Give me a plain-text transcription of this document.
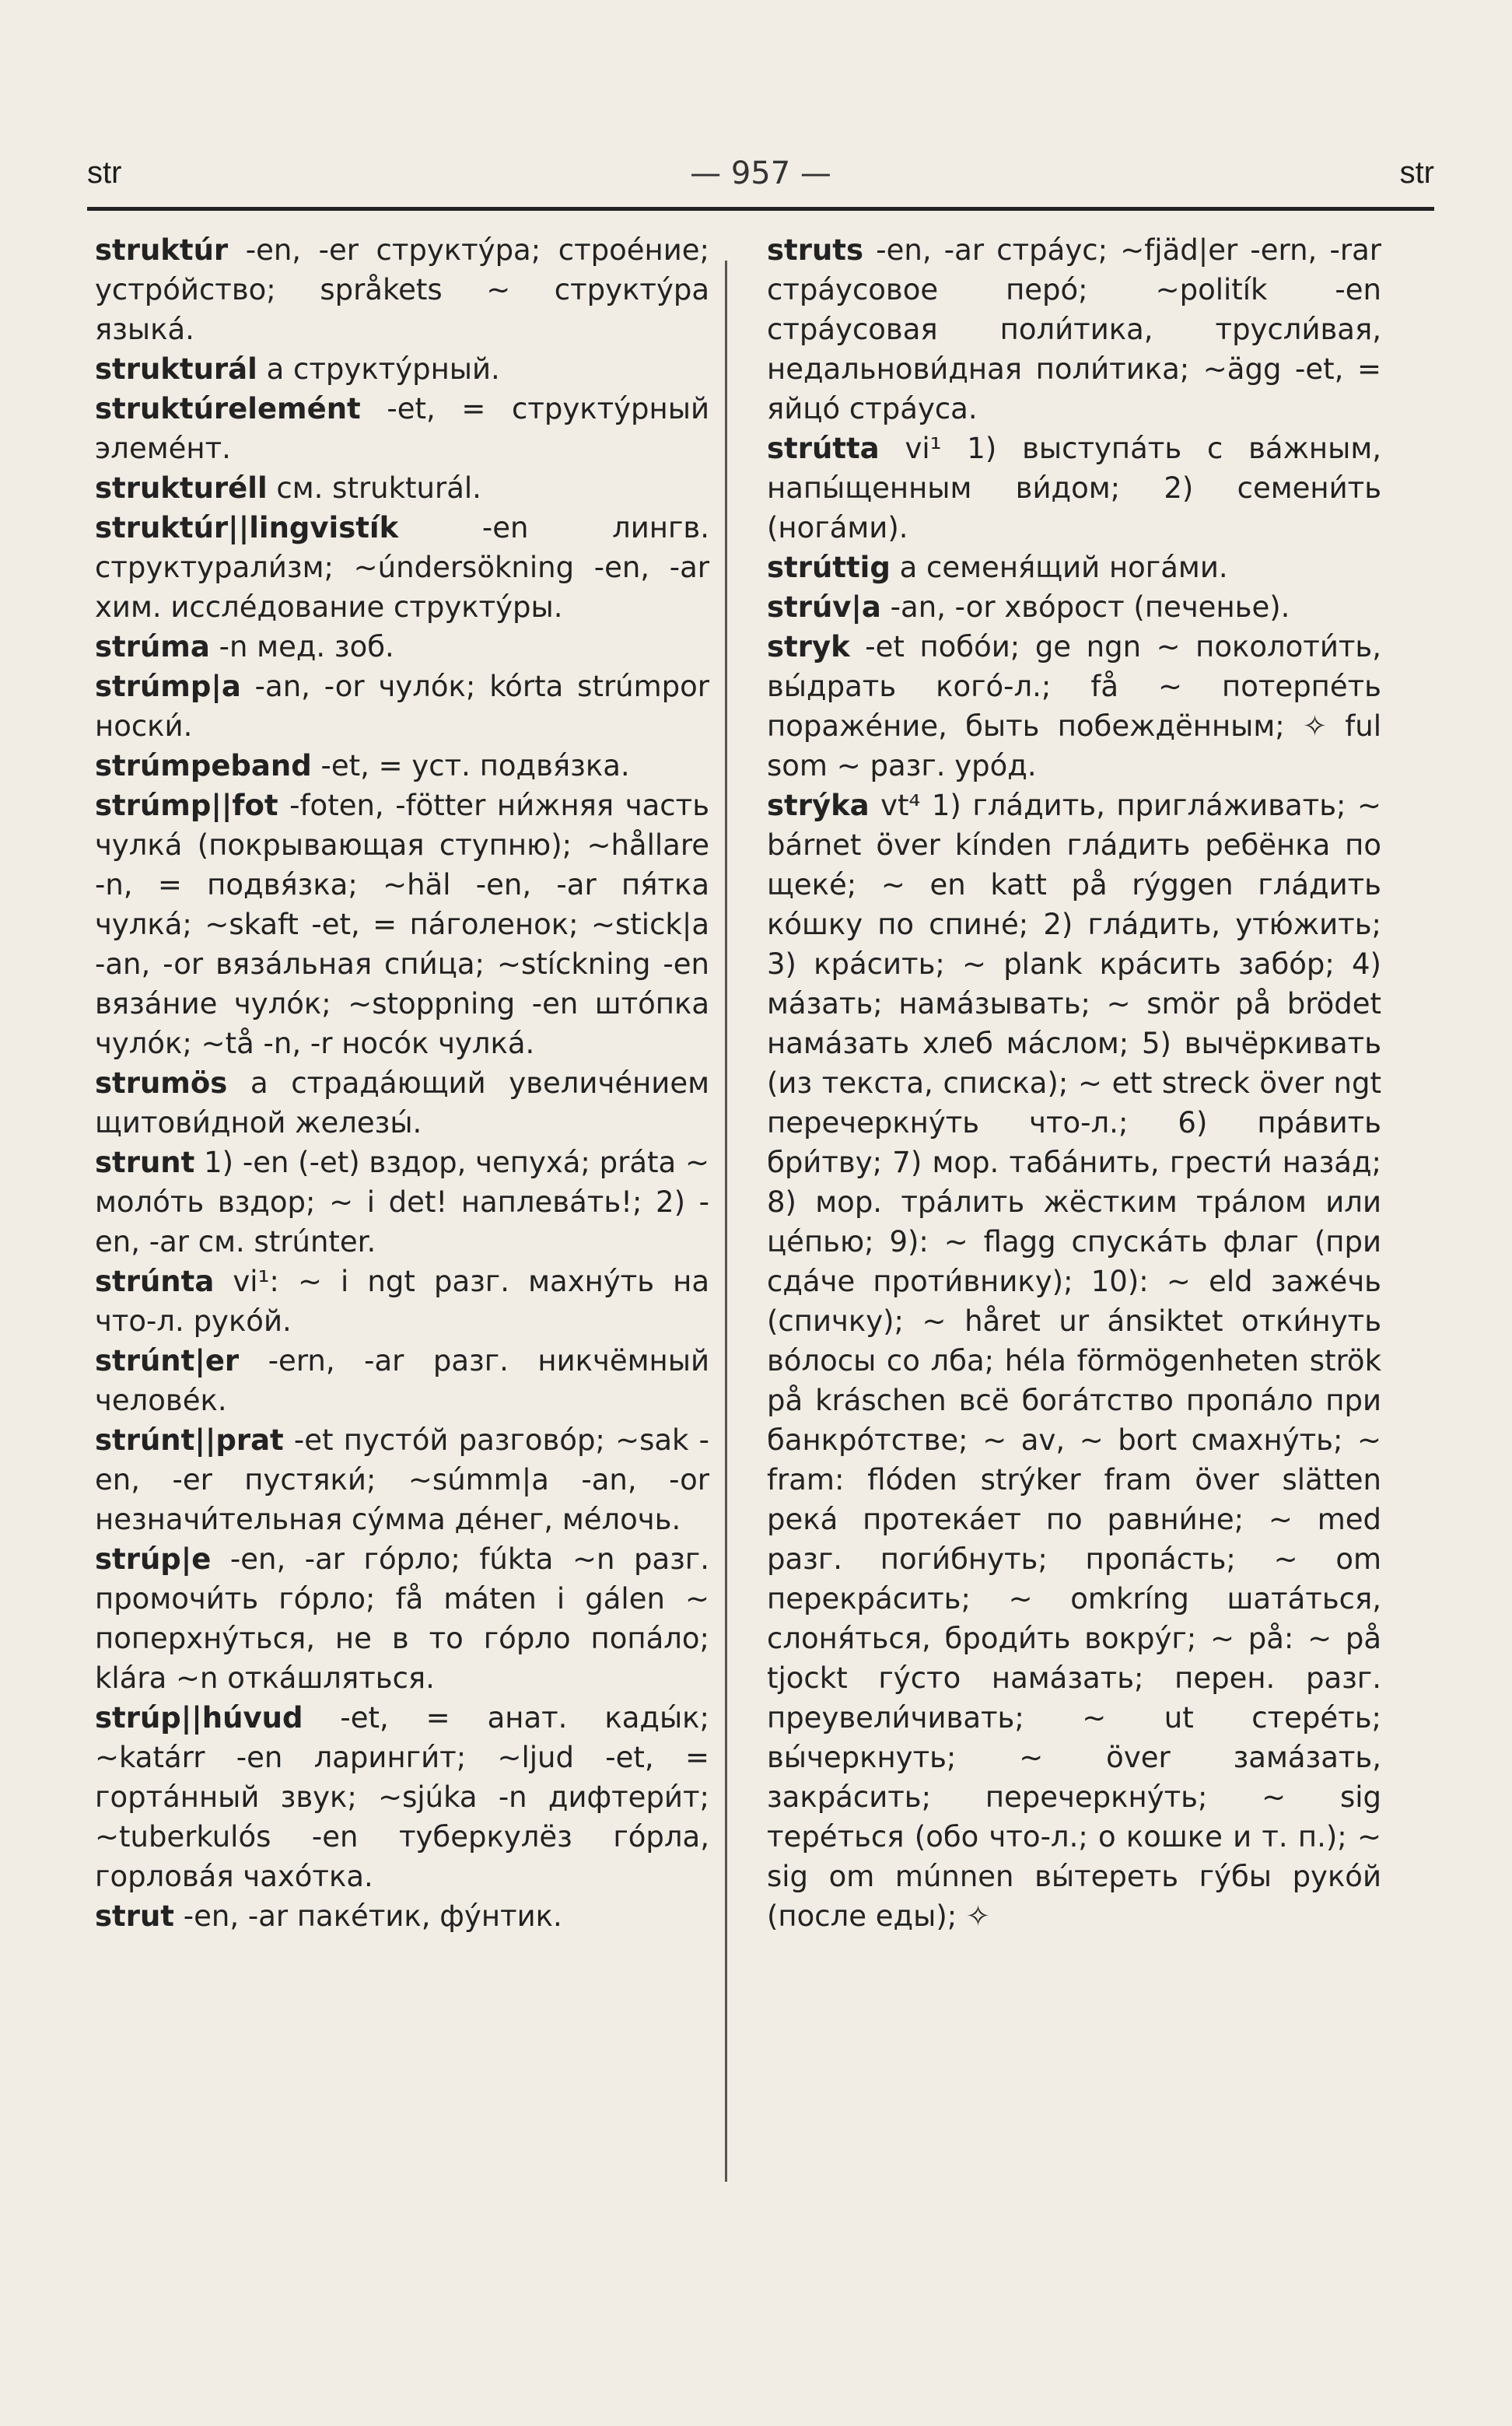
str	— 957 —	str

struktúr -en, -er структу́ра; строе́ние; устро́йство; språkets ∼ структу́ра языка́.

strukturál a структу́рный.

struktúrelemént -et, = структу́рный элеме́нт.

strukturéll см. strukturál.

struktúr||lingvistík -en лингв. структурали́зм; ∼úndersökning -en, -ar хим. иссле́дование структу́ры.

strúma -n мед. зоб.

strúmp|a -an, -or чуло́к; kórta strúmpor носки́.

strúmpeband -et, = уст. подвя́зка.

strúmp||fot -foten, -fötter ни́жняя часть чулка́ (покрывающая ступню); ∼hållare -n, = подвя́зка; ∼häl -en, -ar пя́тка чулка́; ∼skaft -et, = па́голенок; ∼stick|a -an, -or вяза́льная спи́ца; ∼stíckning -en вяза́ние чуло́к; ∼stoppning -en што́пка чуло́к; ∼tå -n, -r носо́к чулка́.

strumös a страда́ющий увеличе́нием щитови́дной железы́.

strunt 1) -en (-et) вздор, чепуха́; práta ∼ моло́ть вздор; ∼ i det! наплева́ть!; 2) -en, -ar см. strúnter.

strúnta vi¹: ∼ i ngt разг. махну́ть на что-л. руко́й.

strúnt|er -ern, -ar разг. никчёмный челове́к.

strúnt||prat -et пусто́й разгово́р; ∼sak -en, -er пустяки́; ∼súmm|a -an, -or незначи́тельная су́мма де́нег, ме́лочь.

strúp|e -en, -ar го́рло; fúkta ∼n разг. промочи́ть го́рло; få máten i gálen ∼ поперхну́ться, не в то го́рло попа́ло; klára ∼n отка́шляться.

strúp||húvud -et, = анат. кады́к; ∼katárr -en ларинги́т; ∼ljud -et, = горта́нный звук; ∼sjúka -n дифтери́т; ∼tuberkulós -en туберкулёз го́рла, горлова́я чахо́тка.

strut -en, -ar паке́тик, фу́нтик.

struts -en, -ar стра́ус; ∼fjäd|er -ern, -rar стра́усовое перо́; ∼politík -en стра́усовая поли́тика, трусли́вая, недальнови́дная поли́тика; ∼ägg -et, = яйцо́ стра́уса.

strútta vi¹ 1) выступа́ть с ва́жным, напы́щенным ви́дом; 2) семени́ть (нога́ми).

strúttig a семеня́щий нога́ми.

strúv|a -an, -or хво́рост (печенье).

stryk -et побо́и; ge ngn ∼ поколоти́ть, вы́драть кого́-л.; få ∼ потерпе́ть пораже́ние, быть побеждённым; ✧ ful som ∼ разг. уро́д.

strýka vt⁴ 1) гла́дить, пригла́живать; ∼ bárnet över kínden гла́дить ребёнка по щеке́; ∼ en katt på rýggen гла́дить ко́шку по спине́; 2) гла́дить, утю́жить; 3) кра́сить; ∼ plank кра́сить забо́р; 4) ма́зать; нама́зывать; ∼ smör på brödet нама́зать хлеб ма́слом; 5) вычёркивать (из текста, списка); ∼ ett streck över ngt перечеркну́ть что-л.; 6) пра́вить бри́тву; 7) мор. таба́нить, грести́ наза́д; 8) мор. тра́лить жёстким тра́лом или це́пью; 9): ∼ flagg спуска́ть флаг (при сда́че проти́внику); 10): ∼ eld заже́чь (спичку); ∼ håret ur ánsiktet отки́нуть во́лосы со лба; héla förmögenheten strök på kráschen всё бога́тство пропа́ло при банкро́тстве; ∼ av, ∼ bort смахну́ть; ∼ fram: flóden strýker fram över slätten река́ протека́ет по равни́не; ∼ med разг. поги́бнуть; пропа́сть; ∼ om перекра́сить; ∼ omkríng шата́ться, слоня́ться, броди́ть вокру́г; ∼ på: ∼ på tjockt гу́сто нама́зать; перен. разг. преувели́чивать; ∼ ut стере́ть; вы́черкнуть; ∼ över зама́зать, закра́сить; перечеркну́ть; ∼ sig тере́ться (обо что-л.; о кошке и т. п.); ∼ sig om múnnen вы́тереть гу́бы руко́й (после еды); ✧
